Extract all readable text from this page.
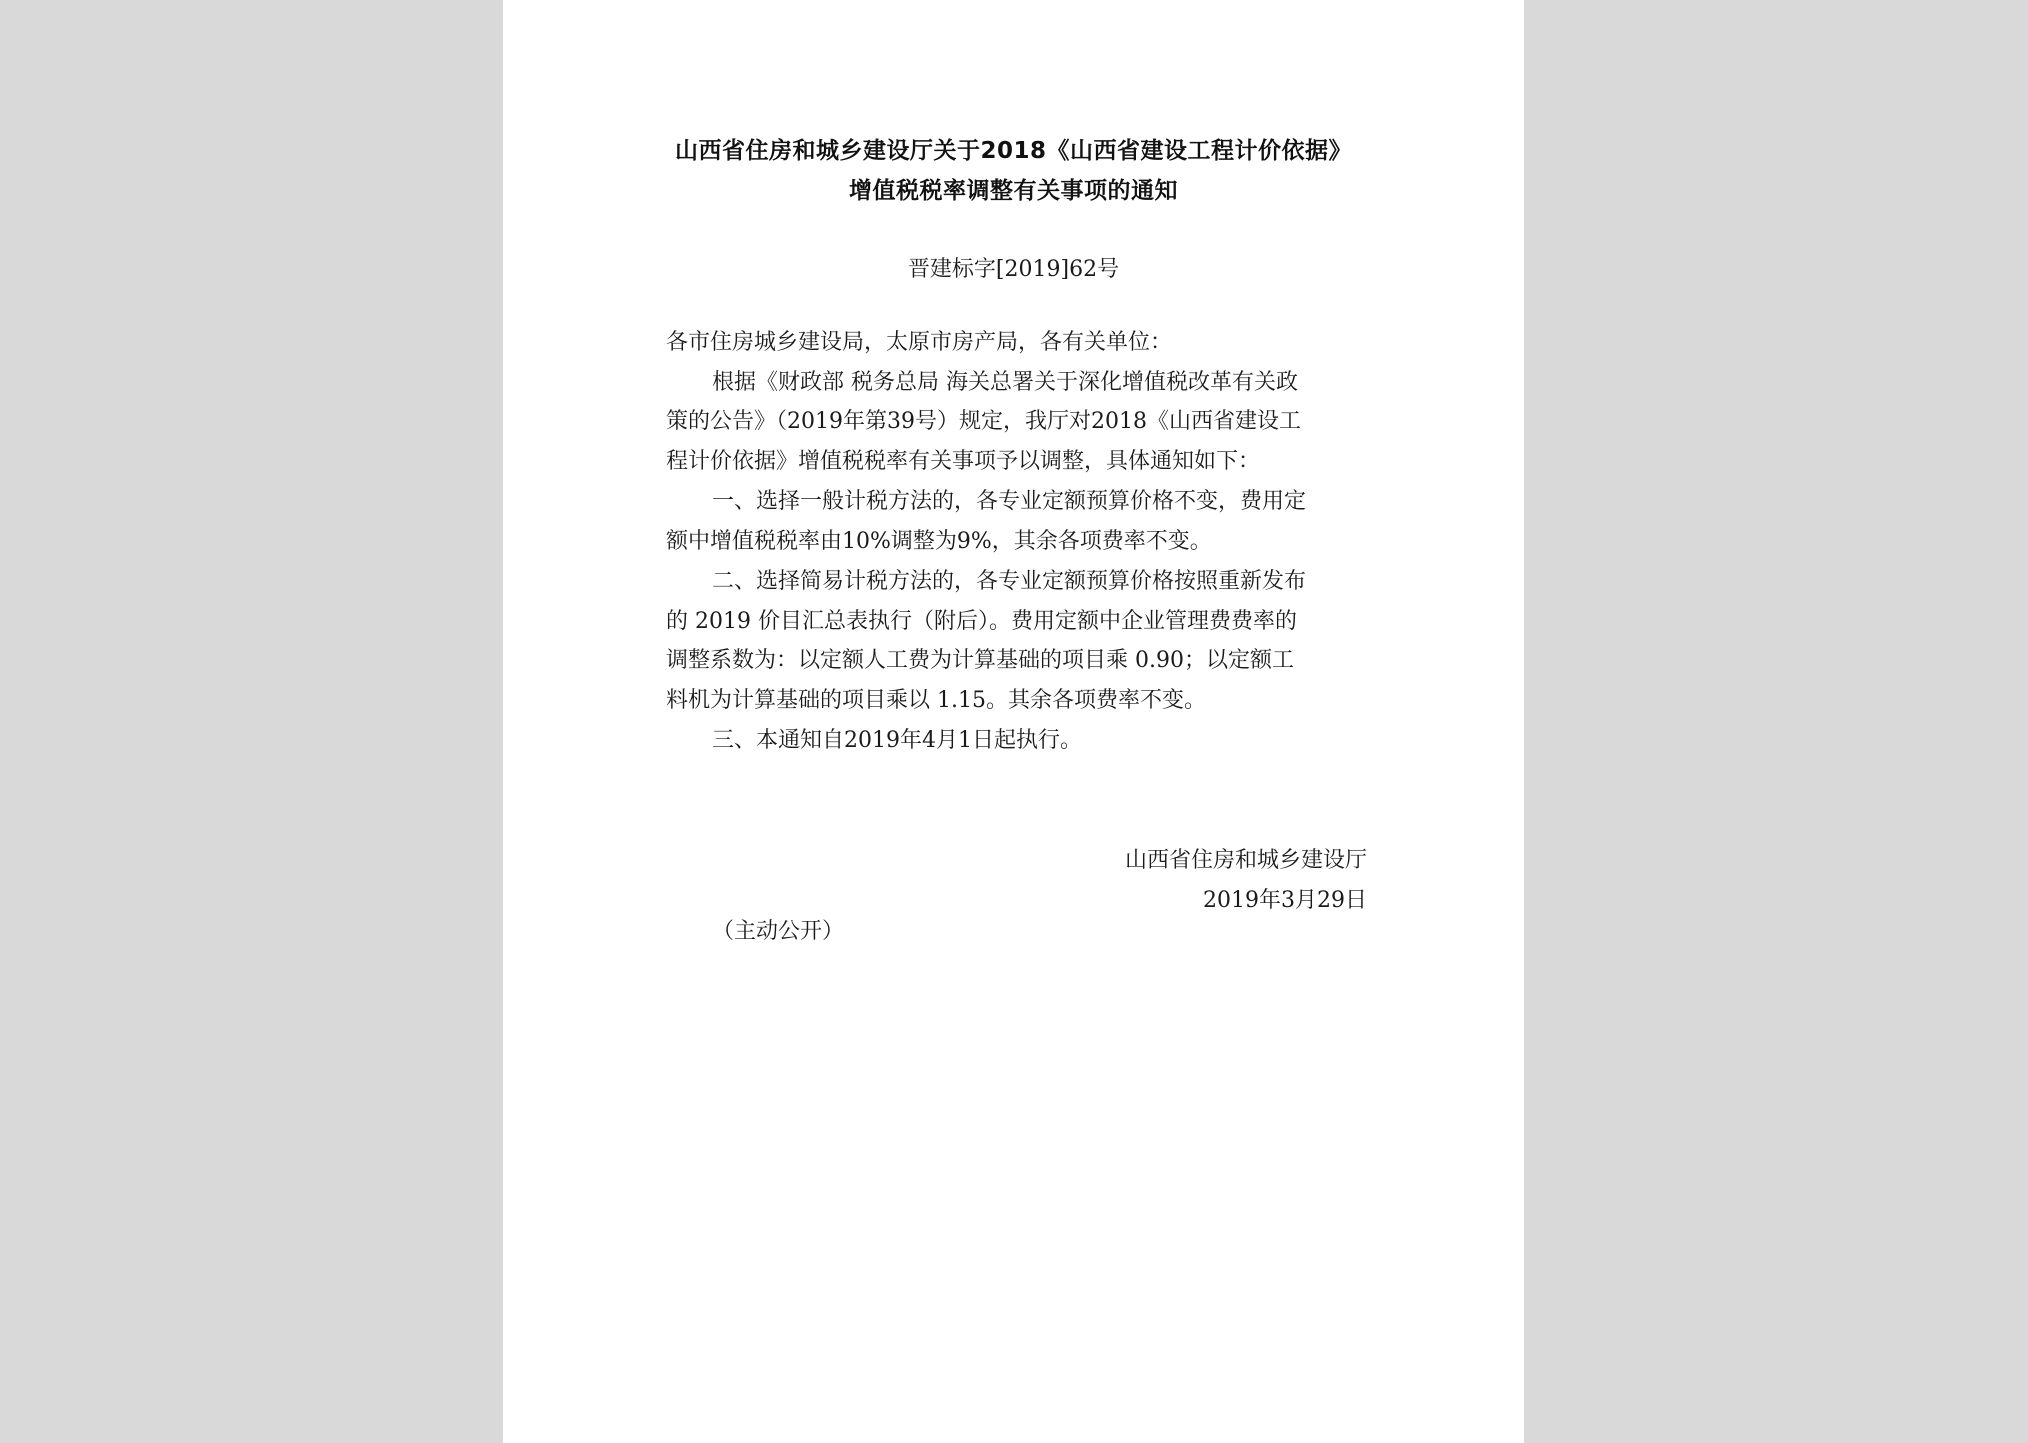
山西省住房和城乡建设厅关于2018《山西省建设工程计价依据》
增值税税率调整有关事项的通知
晋建标字[2019]62号
各市住房城乡建设局，太原市房产局，各有关单位：
根据《财政部 税务总局 海关总署关于深化增值税改革有关政
策的公告》（2019年第39号）规定，我厅对2018《山西省建设工
程计价依据》增值税税率有关事项予以调整，具体通知如下：
一、选择一般计税方法的，各专业定额预算价格不变，费用定
额中增值税税率由10%调整为9%，其余各项费率不变。
二、选择简易计税方法的，各专业定额预算价格按照重新发布
的 2019 价目汇总表执行（附后）。费用定额中企业管理费费率的
调整系数为：以定额人工费为计算基础的项目乘 0.90；以定额工
料机为计算基础的项目乘以 1.15。其余各项费率不变。
三、本通知自2019年4月1日起执行。
山西省住房和城乡建设厅
2019年3月29日
（主动公开）
